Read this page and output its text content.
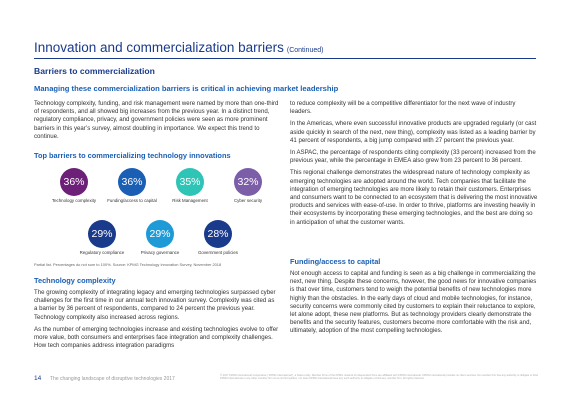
Innovation and commercialization barriers (Continued)
Barriers to commercialization
Managing these commercialization barriers is critical in achieving market leadership

Technology complexity, funding, and risk management were named by more than one-third of respondents, and all showed big increases from the previous year. In a distinct trend, regulatory compliance, privacy, and government policies were seen as more prominent barriers in this year’s survey, almost doubling in importance. We expect this trend to continue.

Top barriers to commercializing technology innovations
36%
Technology complexity
36%
Funding/access to capital
35%
Risk Management
32%
Cyber security
29%
Regulatory compliance
29%
Privacy governance
28%
Government policies
Partial list. Percentages do not sum to 100%. Source: KPMG Technology Innovation Survey, November 2018
Technology complexity

The growing complexity of integrating legacy and emerging technologies surpassed cyber challenges for the first time in our annual tech innovation survey. Complexity was cited as a barrier by 36 percent of respondents, compared to 24 percent the previous year. Technology complexity also increased across regions.

As the number of emerging technologies increase and existing technologies evolve to offer more value, both consumers and enterprises face integration and complexity challenges. How tech companies address integration paradigms

to reduce complexity will be a competitive differentiator for the next wave of industry leaders.

In the Americas, where even successful innovative products are upgraded regularly (or cast aside quickly in search of the next, new thing), complexity was listed as a leading barrier by 41 percent of respondents, a big jump compared with 27 percent the previous year.

In ASPAC, the percentage of respondents citing complexity (33 percent) increased from the previous year, while the percentage in EMEA also grew from 23 percent to 36 percent.

This regional challenge demonstrates the widespread nature of technology complexity as emerging technologies are adopted around the world. Tech companies that facilitate the integration of emerging technologies are more likely to retain their customers. Enterprises and consumers want to be connected to an ecosystem that is delivering the most innovative products and services with ease-of-use. In order to thrive, platforms are investing heavily in their ecosystems by incorporating these emerging technologies, and the best are doing so in anticipation of what the customer wants.

Funding/access to capital

Not enough access to capital and funding is seen as a big challenge in commercializing the next, new thing. Despite these concerns, however, the good news for innovative companies is that over time, customers tend to weigh the potential benefits of new technologies more highly than the obstacles. In the early days of cloud and mobile technologies, for instance, security concerns were commonly cited by customers to explain their reluctance to explore, let alone adopt, these new platforms. But as technology providers clearly demonstrate the benefits and the security features, customers become more comfortable with the risk and, ultimately, adoption of the most compelling technologies.

14 The changing landscape of disruptive technologies 2017
© 2017 KPMG International Cooperative (“KPMG International”), a Swiss entity. Member firms of the KPMG network of independent firms are affiliated with KPMG International. KPMG International provides no client services. No member firm has any authority to obligate or bind KPMG International or any other member firm vis-à-vis third parties, nor does KPMG International have any such authority to obligate or bind any member firm. All rights reserved.
